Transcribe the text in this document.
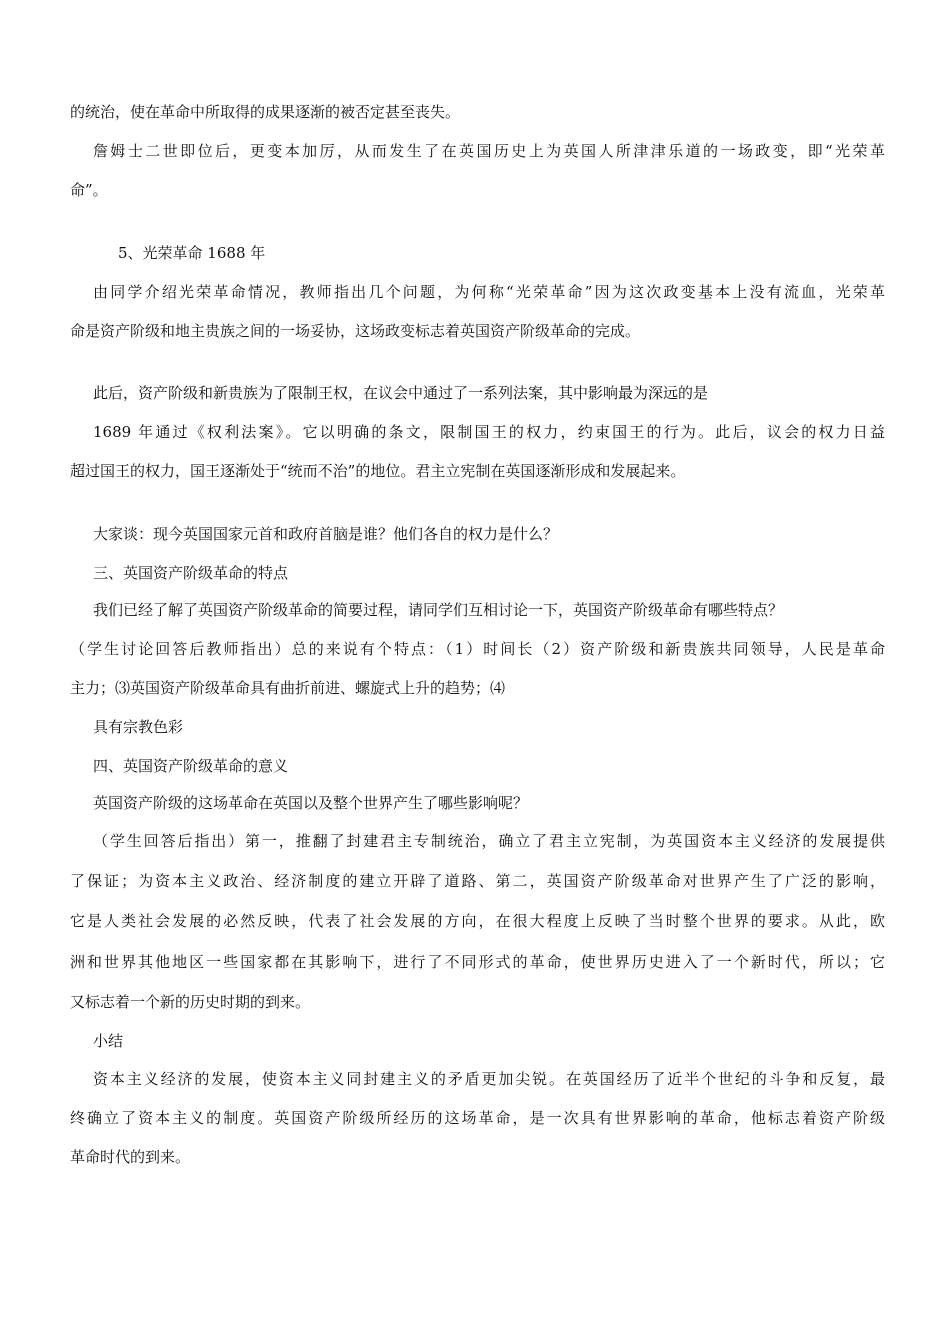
的统治，使在革命中所取得的成果逐渐的被否定甚至丧失。
詹姆士二世即位后，更变本加厉，从而发生了在英国历史上为英国人所津津乐道的一场政变，即“光荣革
命”。
5、光荣革命 1688 年
由同学介绍光荣革命情况，教师指出几个问题，为何称“光荣革命”因为这次政变基本上没有流血，光荣革
命是资产阶级和地主贵族之间的一场妥协，这场政变标志着英国资产阶级革命的完成。
此后，资产阶级和新贵族为了限制王权，在议会中通过了一系列法案，其中影响最为深远的是
1689 年通过《权利法案》。它以明确的条文，限制国王的权力，约束国王的行为。此后，议会的权力日益
超过国王的权力，国王逐渐处于“统而不治”的地位。君主立宪制在英国逐渐形成和发展起来。
大家谈：现今英国国家元首和政府首脑是谁？他们各自的权力是什么？
三、英国资产阶级革命的特点
我们已经了解了英国资产阶级革命的简要过程，请同学们互相讨论一下，英国资产阶级革命有哪些特点？
（学生讨论回答后教师指出）总的来说有个特点：（1）时间长（2）资产阶级和新贵族共同领导，人民是革命
主力；⑶英国资产阶级革命具有曲折前进、螺旋式上升的趋势；⑷
具有宗教色彩
四、英国资产阶级革命的意义
英国资产阶级的这场革命在英国以及整个世界产生了哪些影响呢？
（学生回答后指出）第一，推翻了封建君主专制统治，确立了君主立宪制，为英国资本主义经济的发展提供
了保证；为资本主义政治、经济制度的建立开辟了道路、第二，英国资产阶级革命对世界产生了广泛的影响，
它是人类社会发展的必然反映，代表了社会发展的方向，在很大程度上反映了当时整个世界的要求。从此，欧
洲和世界其他地区一些国家都在其影响下，进行了不同形式的革命，使世界历史进入了一个新时代，所以；它
又标志着一个新的历史时期的到来。
小结
资本主义经济的发展，使资本主义同封建主义的矛盾更加尖锐。在英国经历了近半个世纪的斗争和反复，最
终确立了资本主义的制度。英国资产阶级所经历的这场革命，是一次具有世界影响的革命，他标志着资产阶级
革命时代的到来。
